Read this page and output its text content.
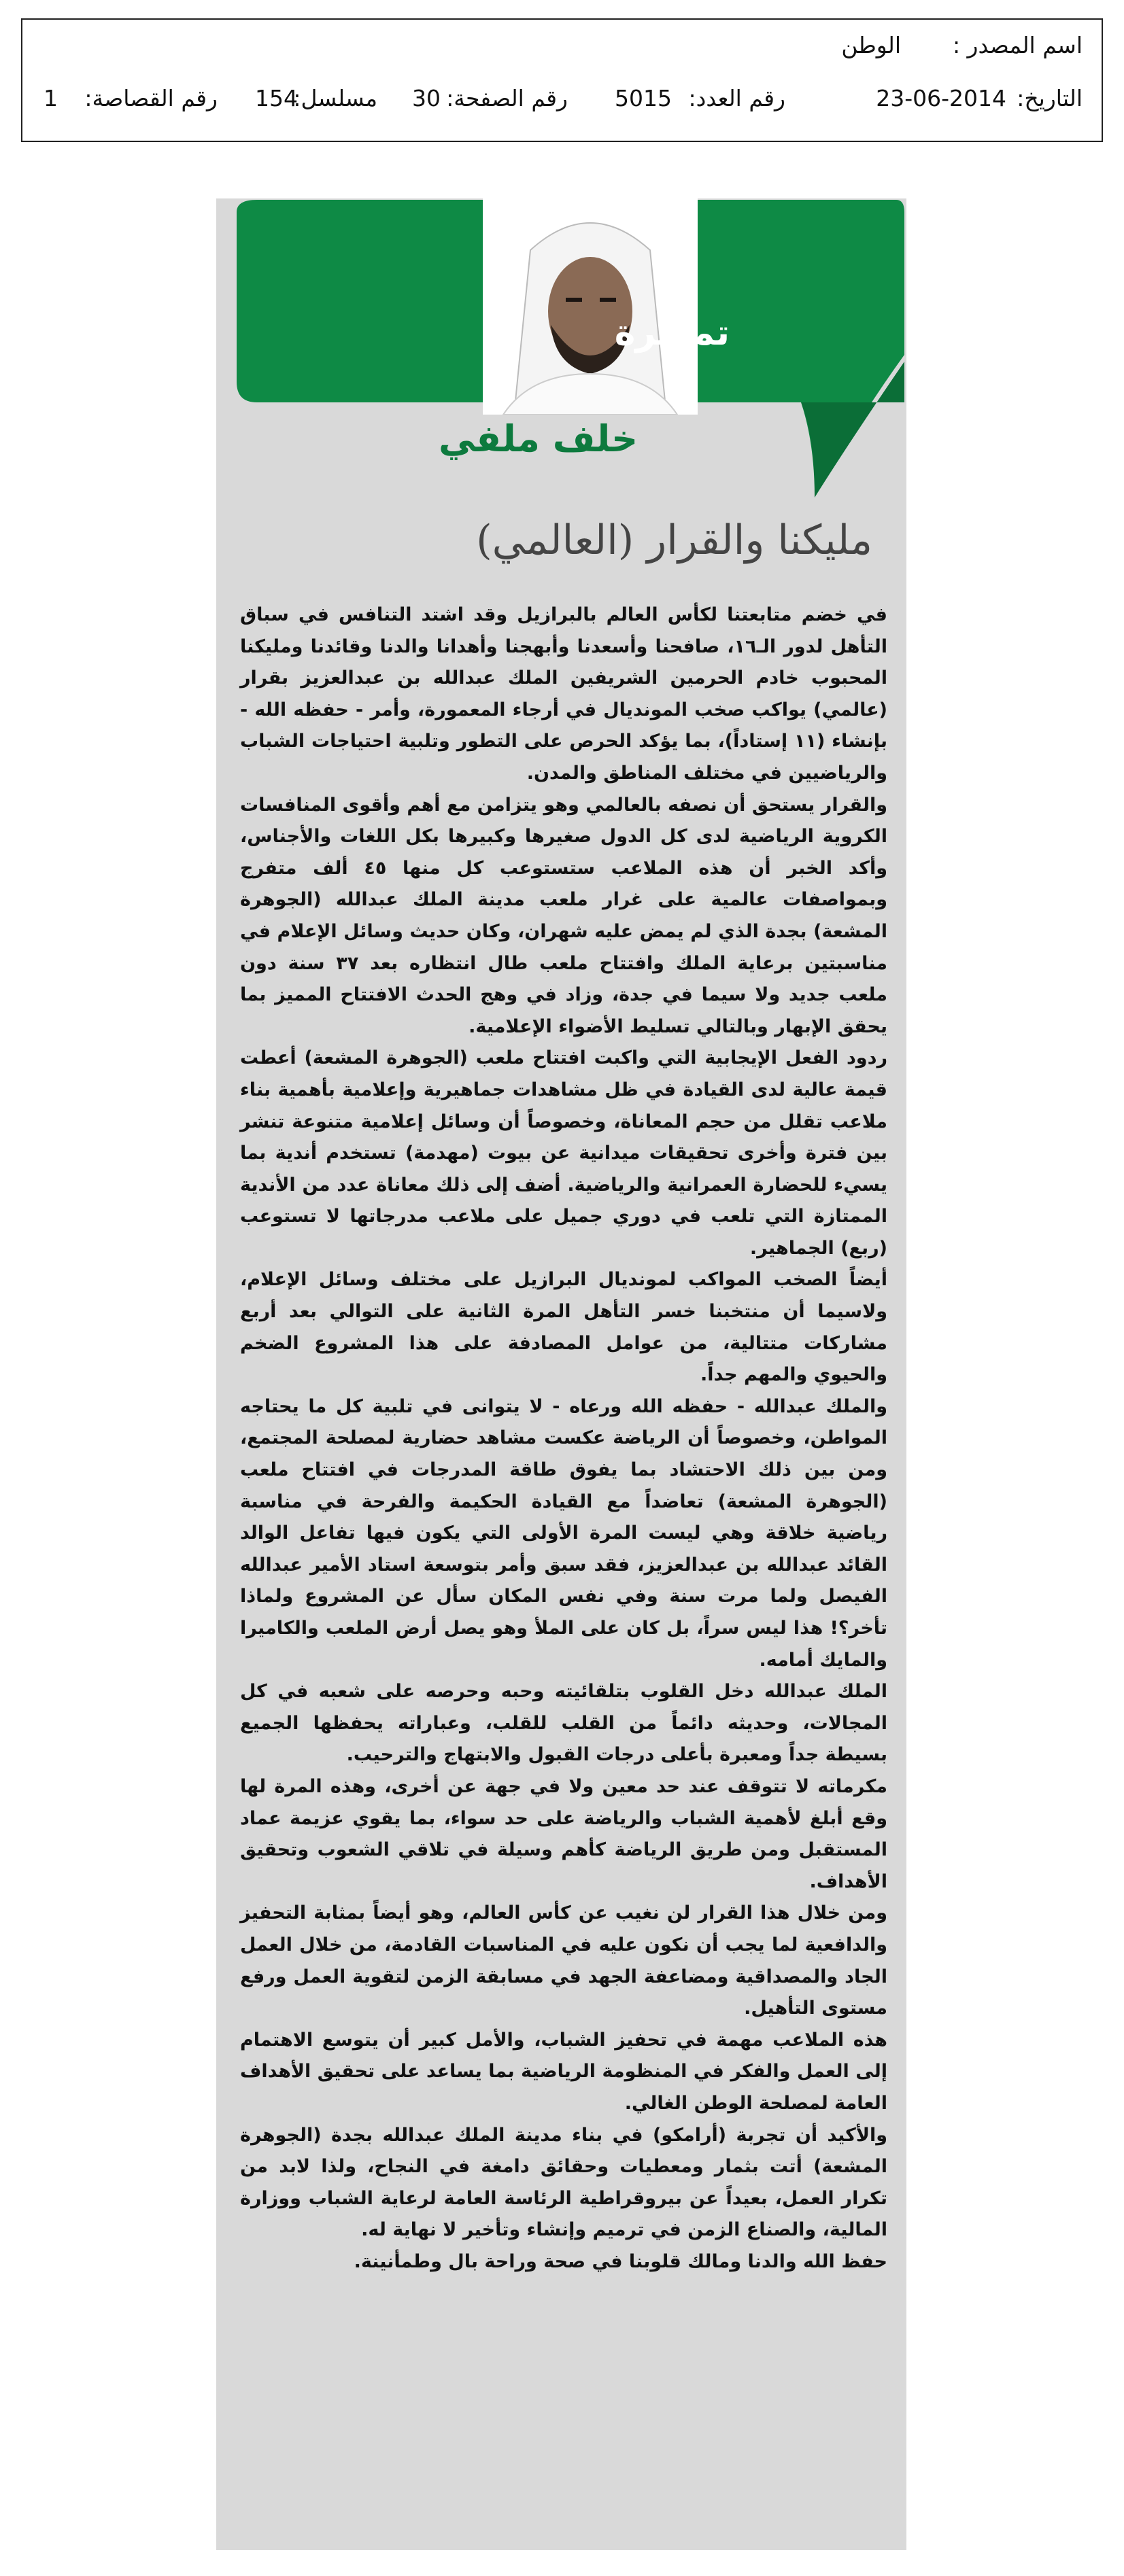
اسم المصدر :
الوطن
التاريخ:
23-06-2014
رقم العدد:
5015
رقم الصفحة:
30
مسلسل:
154
رقم القصاصة:
1
تمريرة
خلف ملفي
مليكنا والقرار (العالمي)

في خضم متابعتنا لكأس العالم بالبرازيل وقد اشتد التنافس في سباق التأهل لدور الـ١٦، صافحنا وأسعدنا وأبهجنا وأهدانا والدنا وقائدنا ومليكنا المحبوب خادم الحرمين الشريفين الملك عبدالله بن عبدالعزيز بقرار (عالمي) يواكب صخب المونديال في أرجاء المعمورة، وأمر - حفظه الله - بإنشاء (١١ إستاداً)، بما يؤكد الحرص على التطور وتلبية احتياجات الشباب والرياضيين في مختلف المناطق والمدن.

والقرار يستحق أن نصفه بالعالمي وهو يتزامن مع أهم وأقوى المنافسات الكروية الرياضية لدى كل الدول صغيرها وكبيرها بكل اللغات والأجناس، وأكد الخبر أن هذه الملاعب ستستوعب كل منها ٤٥ ألف متفرج وبمواصفات عالمية على غرار ملعب مدينة الملك عبدالله (الجوهرة المشعة) بجدة الذي لم يمض عليه شهران، وكان حديث وسائل الإعلام في مناسبتين برعاية الملك وافتتاح ملعب طال انتظاره بعد ٣٧ سنة دون ملعب جديد ولا سيما في جدة، وزاد في وهج الحدث الافتتاح المميز بما يحقق الإبهار وبالتالي تسليط الأضواء الإعلامية.

ردود الفعل الإيجابية التي واكبت افتتاح ملعب (الجوهرة المشعة) أعطت قيمة عالية لدى القيادة في ظل مشاهدات جماهيرية وإعلامية بأهمية بناء ملاعب تقلل من حجم المعاناة، وخصوصاً أن وسائل إعلامية متنوعة تنشر بين فترة وأخرى تحقيقات ميدانية عن بيوت (مهدمة) تستخدم أندية بما يسيء للحضارة العمرانية والرياضية. أضف إلى ذلك معاناة عدد من الأندية الممتازة التي تلعب في دوري جميل على ملاعب مدرجاتها لا تستوعب (ربع) الجماهير.

أيضاً الصخب المواكب لمونديال البرازيل على مختلف وسائل الإعلام، ولاسيما أن منتخبنا خسر التأهل المرة الثانية على التوالي بعد أربع مشاركات متتالية، من عوامل المصادفة على هذا المشروع الضخم والحيوي والمهم جداً.

والملك عبدالله - حفظه الله ورعاه - لا يتوانى في تلبية كل ما يحتاجه المواطن، وخصوصاً أن الرياضة عكست مشاهد حضارية لمصلحة المجتمع، ومن بين ذلك الاحتشاد بما يفوق طاقة المدرجات في افتتاح ملعب (الجوهرة المشعة) تعاضداً مع القيادة الحكيمة والفرحة في مناسبة رياضية خلاقة وهي ليست المرة الأولى التي يكون فيها تفاعل الوالد القائد عبدالله بن عبدالعزيز، فقد سبق وأمر بتوسعة استاد الأمير عبدالله الفيصل ولما مرت سنة وفي نفس المكان سأل عن المشروع ولماذا تأخر؟! هذا ليس سراً، بل كان على الملأ وهو يصل أرض الملعب والكاميرا والمايك أمامه.

الملك عبدالله دخل القلوب بتلقائيته وحبه وحرصه على شعبه في كل المجالات، وحديثه دائماً من القلب للقلب، وعباراته يحفظها الجميع بسيطة جداً ومعبرة بأعلى درجات القبول والابتهاج والترحيب.

مكرماته لا تتوقف عند حد معين ولا في جهة عن أخرى، وهذه المرة لها وقع أبلغ لأهمية الشباب والرياضة على حد سواء، بما يقوي عزيمة عماد المستقبل ومن طريق الرياضة كأهم وسيلة في تلاقي الشعوب وتحقيق الأهداف.

ومن خلال هذا القرار لن نغيب عن كأس العالم، وهو أيضاً بمثابة التحفيز والدافعية لما يجب أن نكون عليه في المناسبات القادمة، من خلال العمل الجاد والمصداقية ومضاعفة الجهد في مسابقة الزمن لتقوية العمل ورفع مستوى التأهيل.

هذه الملاعب مهمة في تحفيز الشباب، والأمل كبير أن يتوسع الاهتمام إلى العمل والفكر في المنظومة الرياضية بما يساعد على تحقيق الأهداف العامة لمصلحة الوطن الغالي.

والأكيد أن تجربة (أرامكو) في بناء مدينة الملك عبدالله بجدة (الجوهرة المشعة) أتت بثمار ومعطيات وحقائق دامغة في النجاح، ولذا لابد من تكرار العمل، بعيداً عن بيروقراطية الرئاسة العامة لرعاية الشباب ووزارة المالية، والصناع الزمن في ترميم وإنشاء وتأخير لا نهاية له.

حفظ الله والدنا ومالك قلوبنا في صحة وراحة بال وطمأنينة.
